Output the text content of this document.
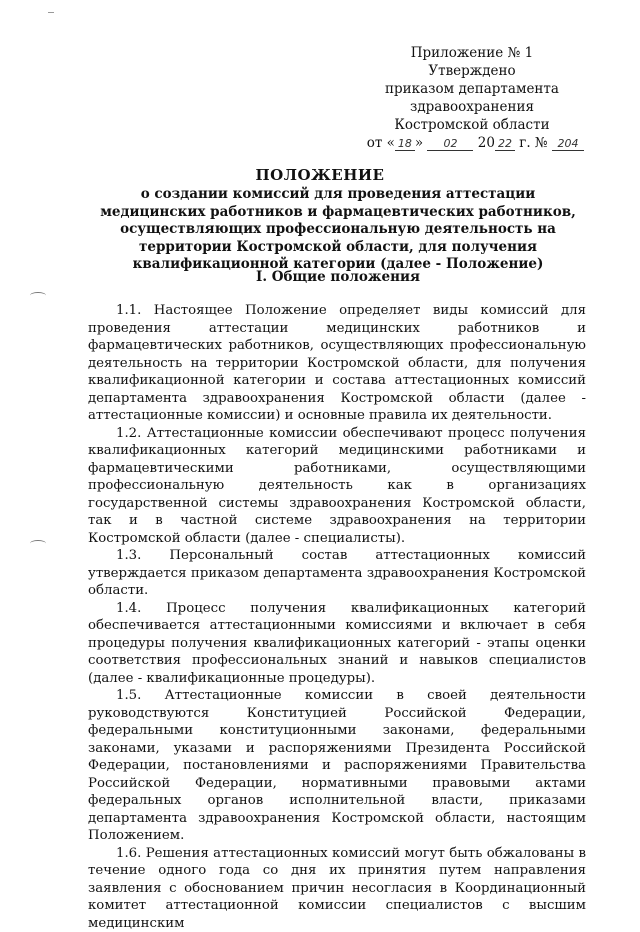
Приложение № 1
Утверждено
приказом департамента
здравоохранения
Костромской области
от « 18 » 02 20 22 г. № 204
ПОЛОЖЕНИЕ
о создании комиссий для проведения аттестации медицинских работников и фармацевтических работников, осуществляющих профессиональную деятельность на территории Костромской области, для получения квалификационной категории (далее - Положение)
I. Общие положения

1.1. Настоящее Положение определяет виды комиссий для проведения аттестации медицинских работников и фармацевтических работников, осуществляющих профессиональную деятельность на территории Костромской области, для получения квалификационной категории и состава аттестационных комиссий департамента здравоохранения Костромской области (далее - аттестационные комиссии) и основные правила их деятельности.

1.2. Аттестационные комиссии обеспечивают процесс получения квалификационных категорий медицинскими работниками и фармацевтическими работниками, осуществляющими профессиональную деятельность как в организациях государственной системы здравоохранения Костромской области, так и в частной системе здравоохранения на территории Костромской области (далее - специалисты).

1.3. Персональный состав аттестационных комиссий утверждается приказом департамента здравоохранения Костромской области.

1.4. Процесс получения квалификационных категорий обеспечивается аттестационными комиссиями и включает в себя процедуры получения квалификационных категорий - этапы оценки соответствия профессиональных знаний и навыков специалистов (далее - квалификационные процедуры).

1.5. Аттестационные комиссии в своей деятельности руководствуются Конституцией Российской Федерации, федеральными конституционными законами, федеральными законами, указами и распоряжениями Президента Российской Федерации, постановлениями и распоряжениями Правительства Российской Федерации, нормативными правовыми актами федеральных органов исполнительной власти, приказами департамента здравоохранения Костромской области, настоящим Положением.

1.6. Решения аттестационных комиссий могут быть обжалованы в течение одного года со дня их принятия путем направления заявления с обоснованием причин несогласия в Координационный комитет аттестационной комиссии специалистов с высшим медицинским
